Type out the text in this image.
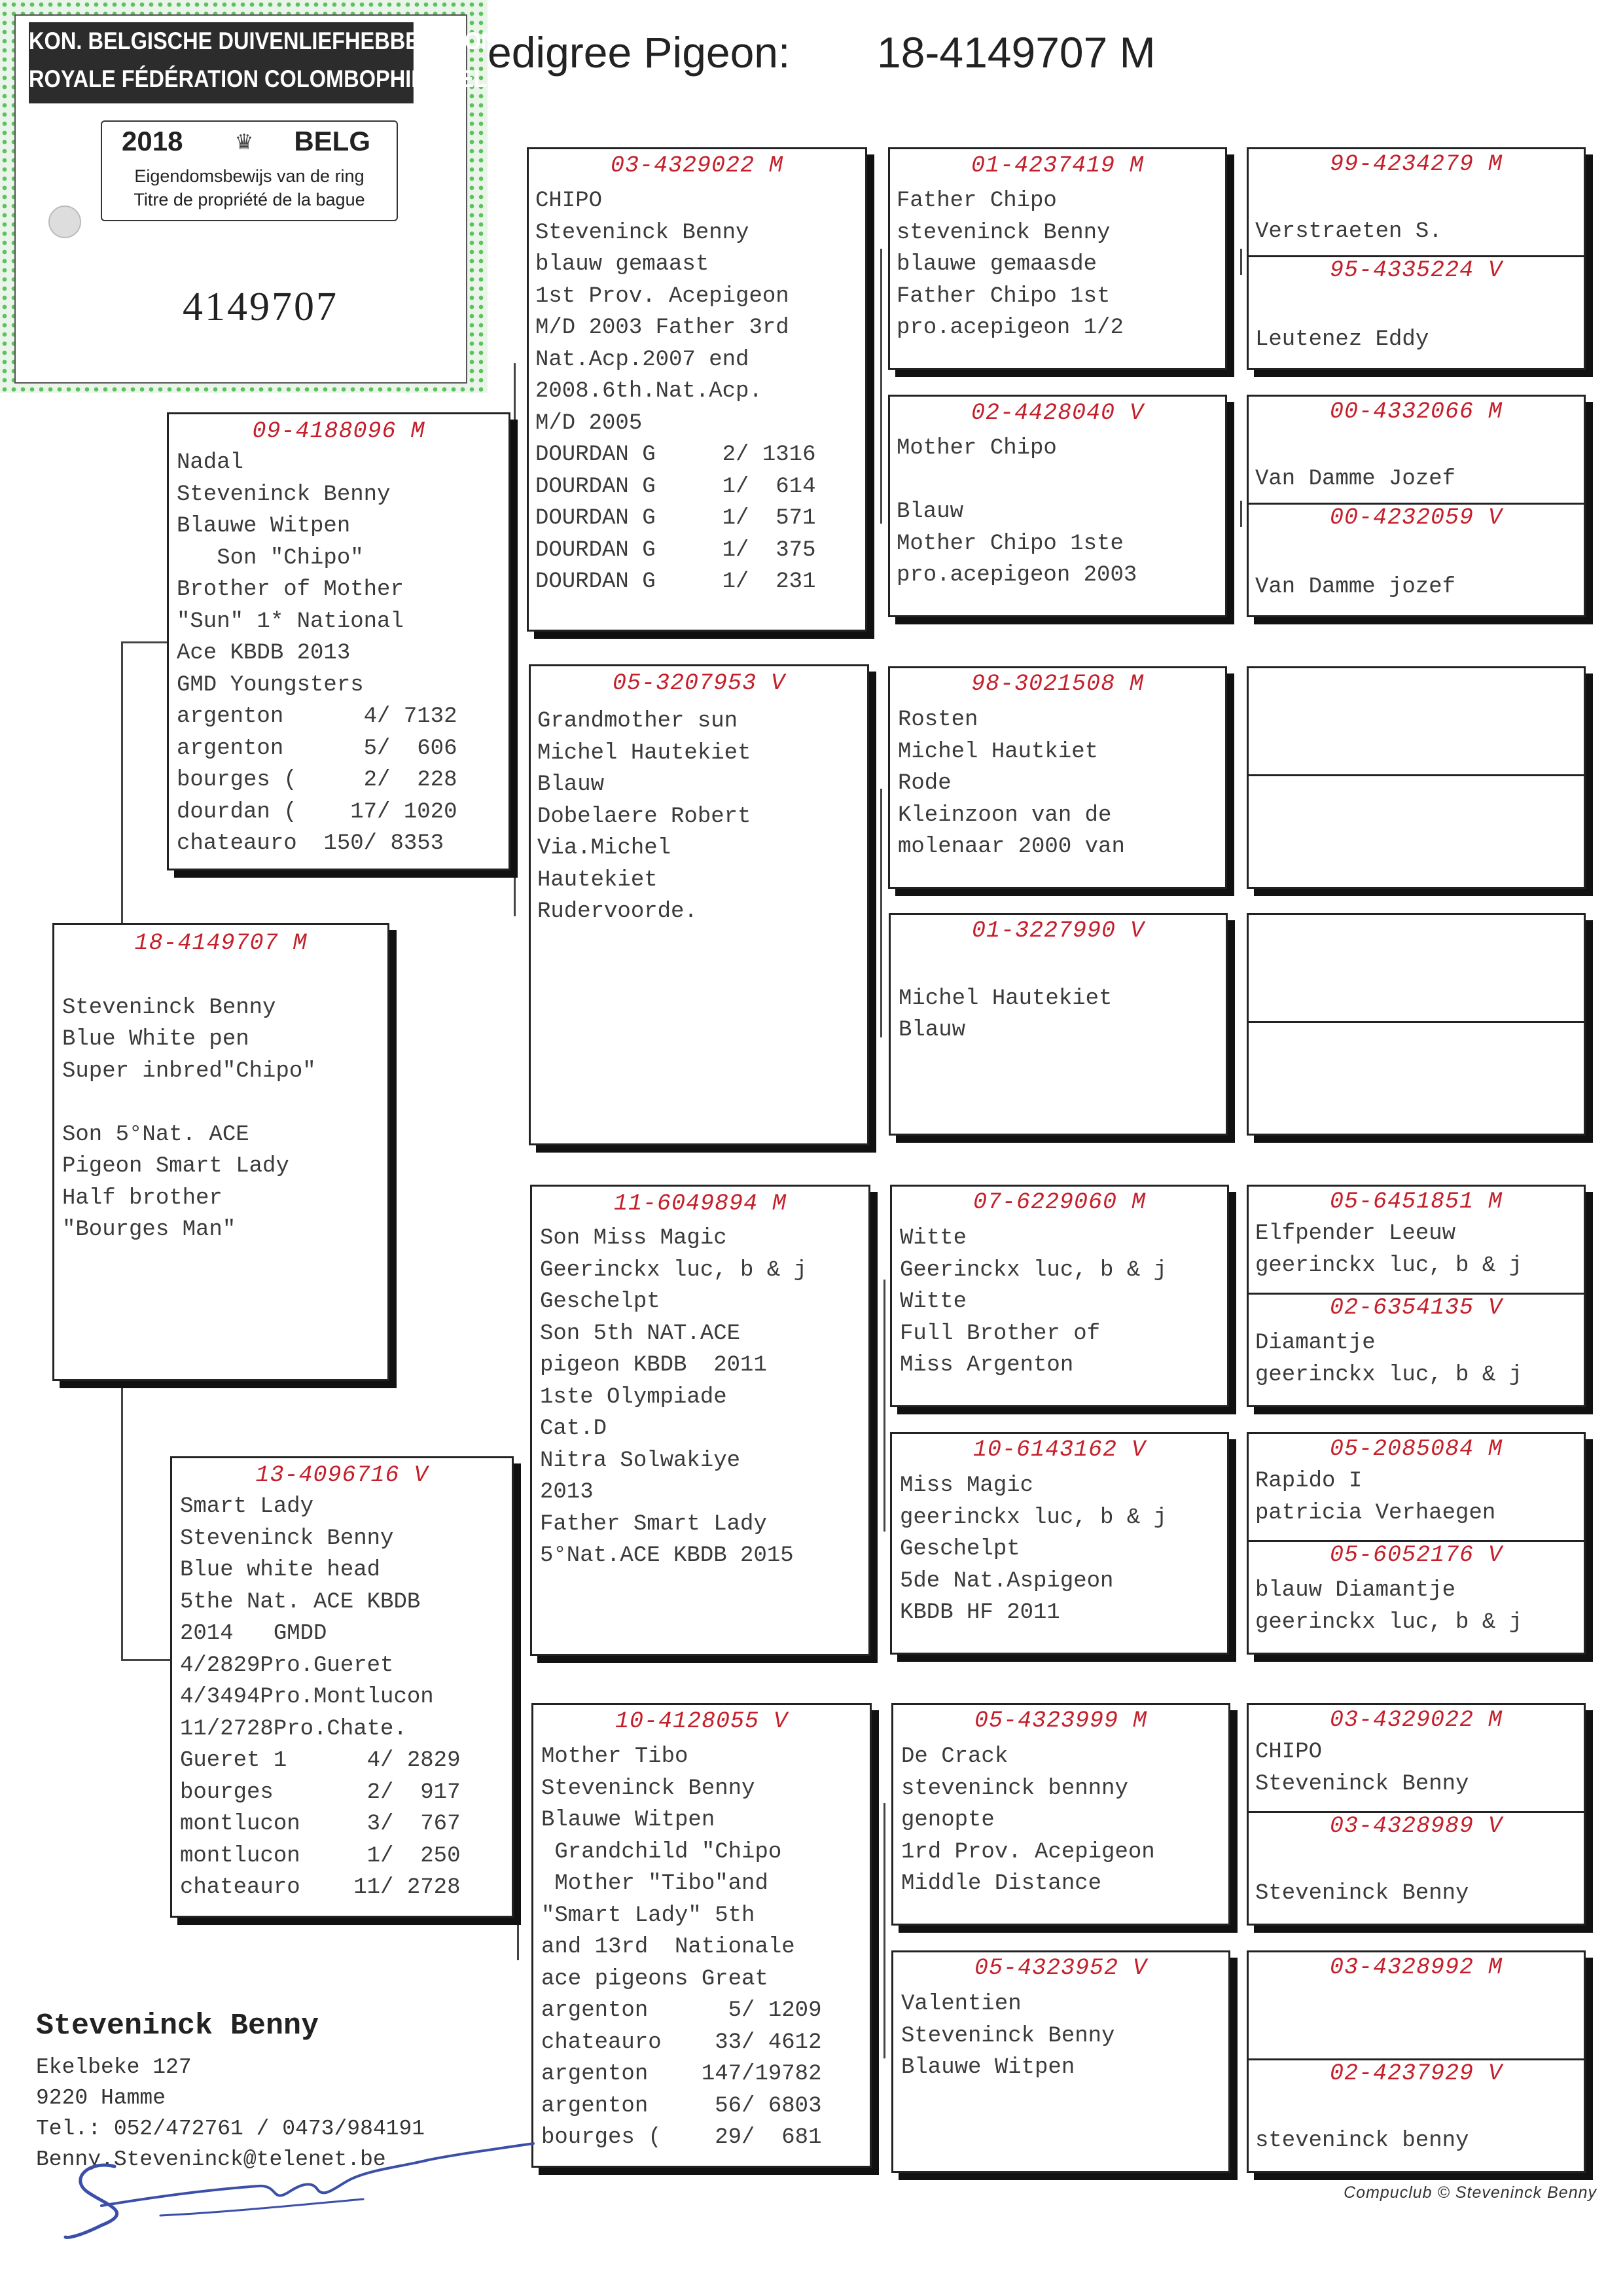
KON. BELGISCHE DUIVENLIEFHEBBERSBOND
ROYALE FÉDÉRATION COLOMBOPHILE BELGE
2018 ♛ BELG
Eigendomsbewijs van de ring
Titre de propriété de la bague
4149707
edigree Pigeon: 18-4149707 M
18-4149707 M

Steveninck Benny
Blue White pen
Super inbred"Chipo"

Son 5°Nat. ACE
Pigeon Smart Lady
Half brother
"Bourges Man"
09-4188096 M
Nadal
Steveninck Benny
Blauwe Witpen
Son "Chipo"
Brother of Mother
"Sun" 1* National
Ace KBDB 2013
GMD Youngsters
argenton      4/ 7132
argenton      5/  606
bourges (     2/  228
dourdan (    17/ 1020
chateauro  150/ 8353
13-4096716 V
Smart Lady
Steveninck Benny
Blue white head
5the Nat. ACE KBDB
2014   GMDD
4/2829Pro.Gueret
4/3494Pro.Montlucon
11/2728Pro.Chate.
Gueret 1      4/ 2829
bourges       2/  917
montlucon     3/  767
montlucon     1/  250
chateauro    11/ 2728
03-4329022 M
CHIPO
Steveninck Benny
blauw gemaast
1st Prov. Acepigeon
M/D 2003 Father 3rd
Nat.Acp.2007 end
2008.6th.Nat.Acp.
M/D 2005
DOURDAN G     2/ 1316
DOURDAN G     1/  614
DOURDAN G     1/  571
DOURDAN G     1/  375
DOURDAN G     1/  231
05-3207953 V
Grandmother sun
Michel Hautekiet
Blauw
Dobelaere Robert
Via.Michel
Hautekiet
Rudervoorde.
11-6049894 M
Son Miss Magic
Geerinckx luc, b & j
Geschelpt
Son 5th NAT.ACE
pigeon KBDB  2011
1ste Olympiade
Cat.D
Nitra Solwakiye
2013
Father Smart Lady
5°Nat.ACE KBDB 2015
10-4128055 V
Mother Tibo
Steveninck Benny
Blauwe Witpen
Grandchild "Chipo
Mother "Tibo"and
"Smart Lady" 5th
and 13rd  Nationale
ace pigeons Great
argenton      5/ 1209
chateauro    33/ 4612
argenton    147/19782
argenton     56/ 6803
bourges (    29/  681
01-4237419 M
Father Chipo
steveninck Benny
blauwe gemaasde
Father Chipo 1st
pro.acepigeon 1/2
02-4428040 V
Mother Chipo

Blauw
Mother Chipo 1ste
pro.acepigeon 2003
98-3021508 M
Rosten
Michel Hautkiet
Rode
Kleinzoon van de
molenaar 2000 van
01-3227990 V

Michel Hautekiet
Blauw
07-6229060 M
Witte
Geerinckx luc, b & j
Witte
Full Brother of
Miss Argenton
10-6143162 V
Miss Magic
geerinckx luc, b & j
Geschelpt
5de Nat.Aspigeon
KBDB HF 2011
05-4323999 M
De Crack
steveninck bennny
genopte
1rd Prov. Acepigeon
Middle Distance
05-4323952 V
Valentien
Steveninck Benny
Blauwe Witpen
99-4234279 M

Verstraeten S.
95-4335224 V

Leutenez Eddy
00-4332066 M

Van Damme Jozef
00-4232059 V

Van Damme jozef
05-6451851 M
Elfpender Leeuw
geerinckx luc, b & j
02-6354135 V
Diamantje
geerinckx luc, b & j
05-2085084 M
Rapido I
patricia Verhaegen
05-6052176 V
blauw Diamantje
geerinckx luc, b & j
03-4329022 M
CHIPO
Steveninck Benny
03-4328989 V

Steveninck Benny
03-4328992 M
02-4237929 V

steveninck benny
Steveninck Benny
Ekelbeke 127
9220 Hamme
Tel.: 052/472761 / 0473/984191
Benny.Steveninck@telenet.be
Compuclub © Steveninck Benny
